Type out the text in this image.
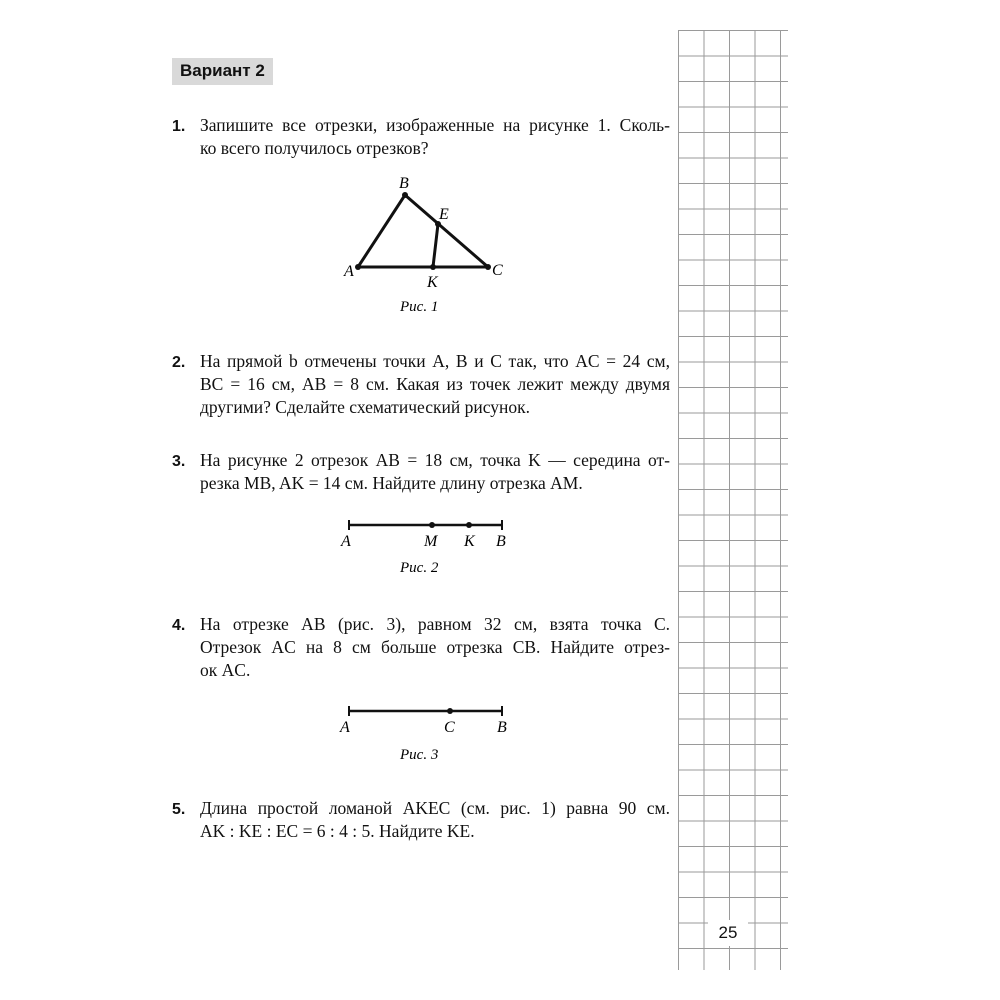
Вариант 2
1. Запишите все отрезки, изображенные на рисунке 1. Сколь-
ко всего получилось отрезков?
A
B
C
E
K
Рис. 1
2. На прямой b отмечены точки A, B и C так, что AC = 24 см,
BC = 16 см, AB = 8 см. Какая из точек лежит между двумя
другими? Сделайте схематический рисунок.
3. На рисунке 2 отрезок AB = 18 см, точка K — середина от-
резка MB, AK = 14 см. Найдите длину отрезка AM.
A	M K B
Рис. 2
4. На отрезке AB (рис. 3), равном 32 см, взята точка C.
Отрезок AC на 8 см больше отрезка CB. Найдите отрез-
ок AC.
A	C	B
Рис. 3
5. Длина простой ломаной AKEC (см. рис. 1) равна 90 см.
AK : KE : EC = 6 : 4 : 5. Найдите KE.
25
